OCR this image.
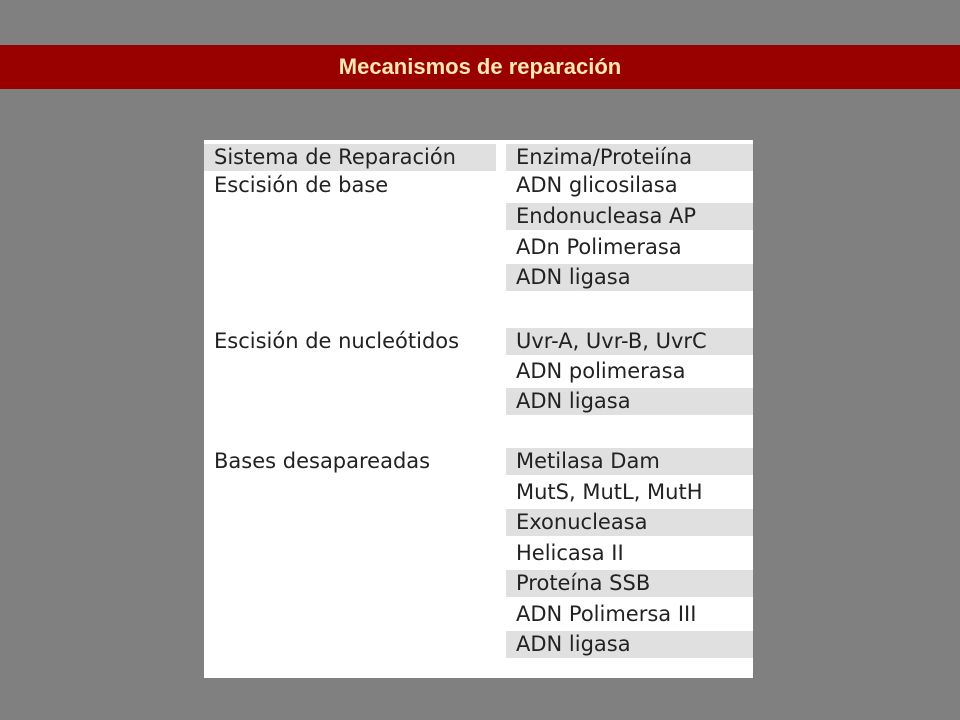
Mecanismos de reparación
Sistema de Reparación	Enzima/Proteiína
Escisión de base	ADN glicosilasa
Endonucleasa AP
ADn Polimerasa
ADN ligasa
Escisión de nucleótidos	Uvr-A, Uvr-B, UvrC
ADN polimerasa
ADN ligasa
Bases desapareadas	Metilasa Dam
MutS, MutL, MutH
Exonucleasa
Helicasa II
Proteína SSB
ADN Polimersa III
ADN ligasa
